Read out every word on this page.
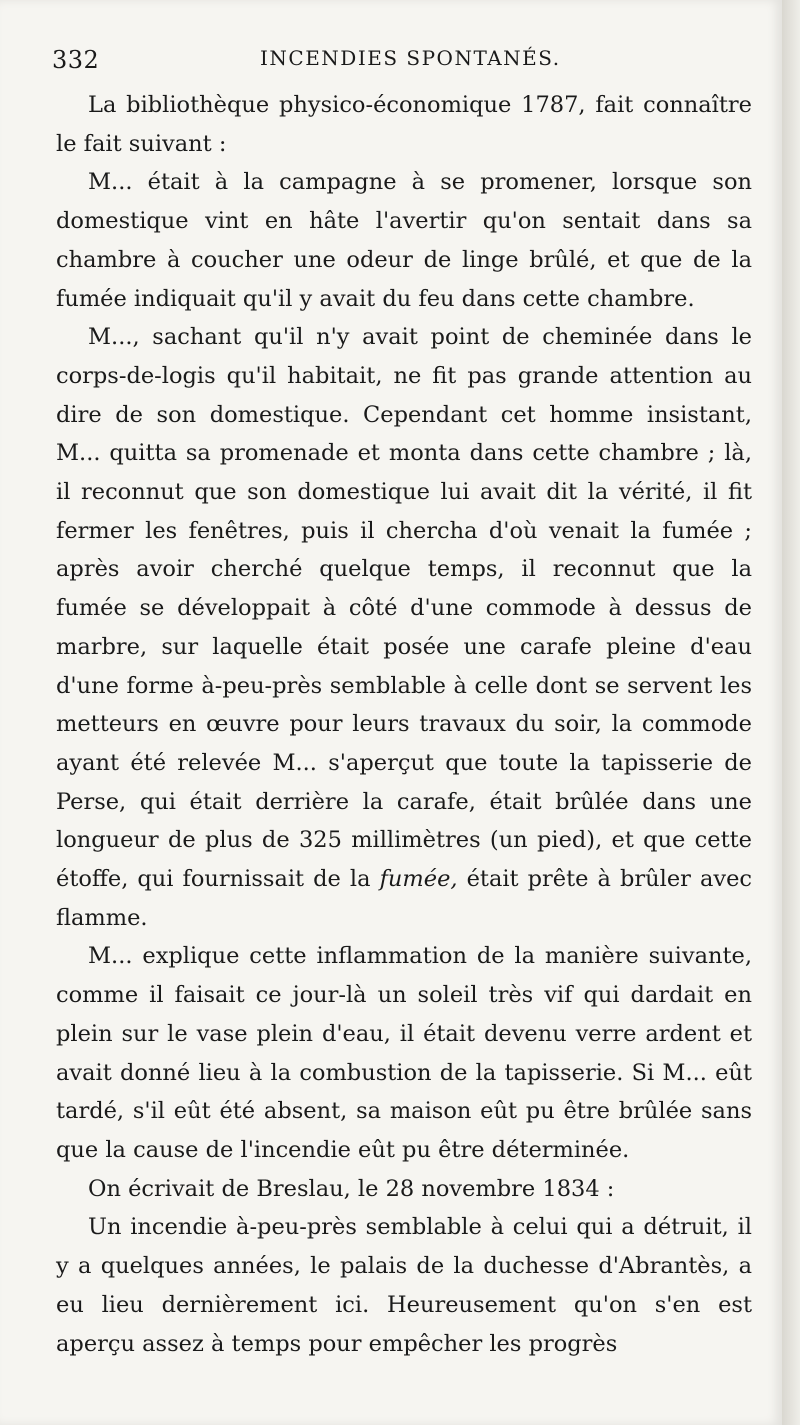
332	INCENDIES SPONTANÉS.

La bibliothèque physico-économique 1787, fait connaître le fait suivant :

M... était à la campagne à se promener, lorsque son domestique vint en hâte l'avertir qu'on sentait dans sa chambre à coucher une odeur de linge brûlé, et que de la fumée indiquait qu'il y avait du feu dans cette chambre.

M..., sachant qu'il n'y avait point de cheminée dans le corps-de-logis qu'il habitait, ne fit pas grande attention au dire de son domestique. Cependant cet homme insistant, M... quitta sa promenade et monta dans cette chambre ; là, il reconnut que son domestique lui avait dit la vérité, il fit fermer les fenêtres, puis il chercha d'où venait la fumée ; après avoir cherché quelque temps, il reconnut que la fumée se développait à côté d'une commode à dessus de marbre, sur laquelle était posée une carafe pleine d'eau d'une forme à-peu-près semblable à celle dont se servent les metteurs en œuvre pour leurs travaux du soir, la commode ayant été relevée M... s'aperçut que toute la tapisserie de Perse, qui était derrière la carafe, était brûlée dans une longueur de plus de 325 millimètres (un pied), et que cette étoffe, qui fournissait de la fumée, était prête à brûler avec flamme.

M... explique cette inflammation de la manière suivante, comme il faisait ce jour-là un soleil très vif qui dardait en plein sur le vase plein d'eau, il était devenu verre ardent et avait donné lieu à la combustion de la tapisserie. Si M... eût tardé, s'il eût été absent, sa maison eût pu être brûlée sans que la cause de l'incendie eût pu être déterminée.

On écrivait de Breslau, le 28 novembre 1834 :

Un incendie à-peu-près semblable à celui qui a détruit, il y a quelques années, le palais de la duchesse d'Abrantès, a eu lieu dernièrement ici. Heureusement qu'on s'en est aperçu assez à temps pour empêcher les progrès
